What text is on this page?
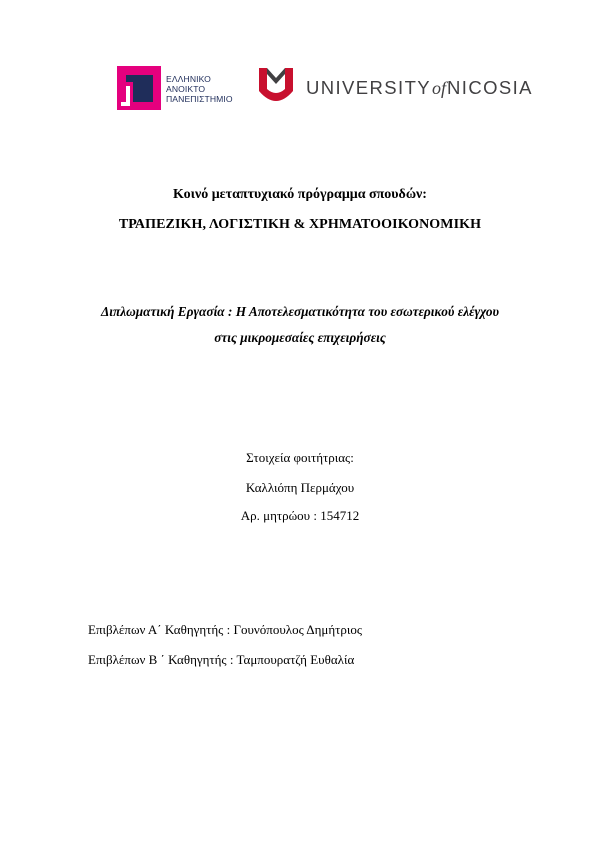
ΕΛΛΗΝΙΚΟ
ΑΝΟΙΚΤΟ
ΠΑΝΕΠΙΣΤΗΜΙΟ
UNIVERSITYofNICOSIA
Κοινό μεταπτυχιακό πρόγραμμα σπουδών:
ΤΡΑΠΕΖΙΚΗ, ΛΟΓΙΣΤΙΚΗ & ΧΡΗΜΑΤΟΟΙΚΟΝΟΜΙΚΗ
Διπλωματική Εργασία : Η Αποτελεσματικότητα του εσωτερικού ελέγχου
στις μικρομεσαίες επιχειρήσεις
Στοιχεία φοιτήτριας:
Καλλιόπη Περμάχου
Αρ. μητρώου : 154712
Επιβλέπων Α΄ Καθηγητής : Γουνόπουλος Δημήτριος
Επιβλέπων Β ΄ Καθηγητής : Ταμπουρατζή Ευθαλία
